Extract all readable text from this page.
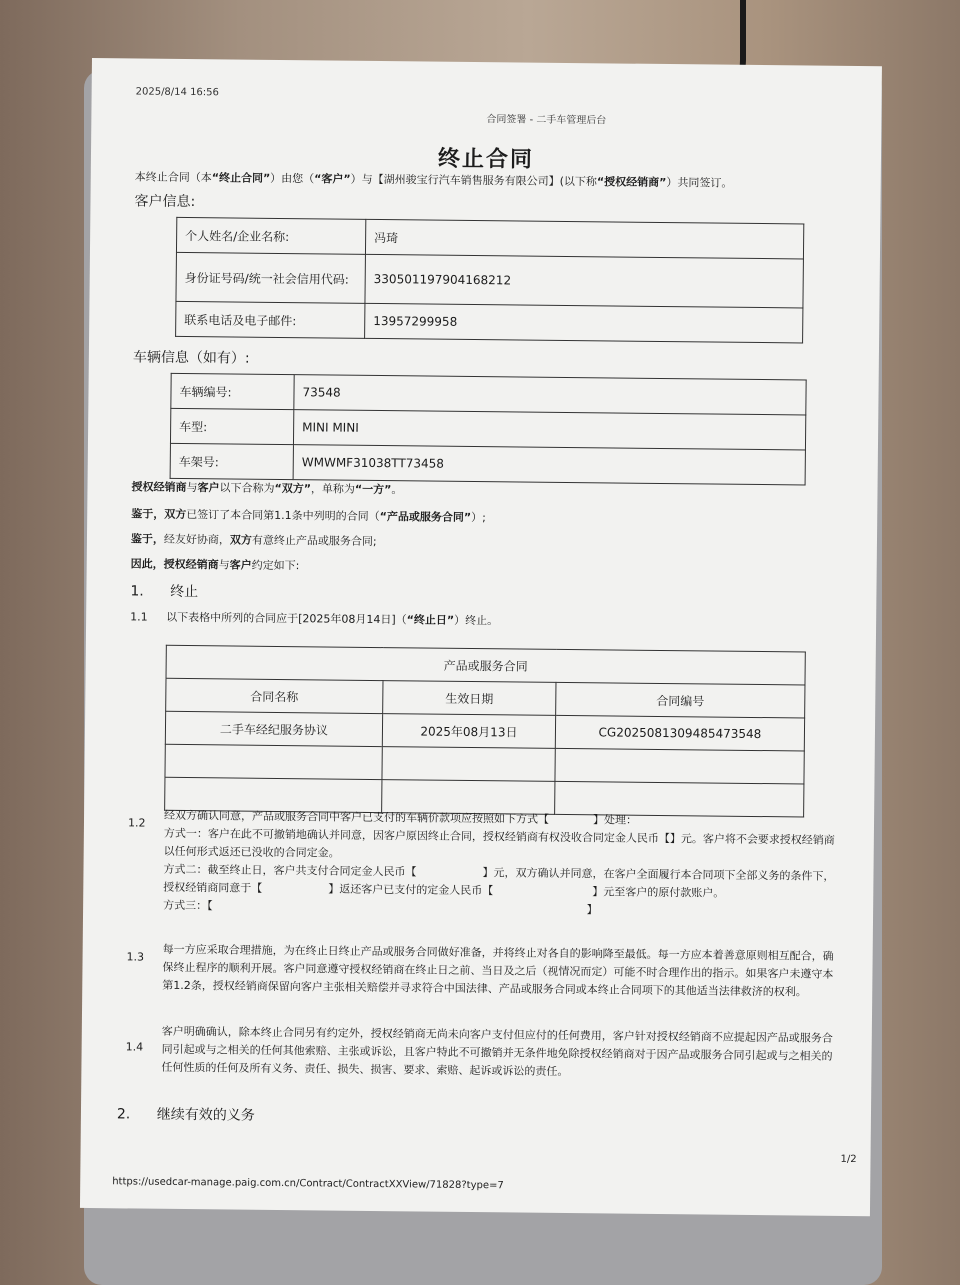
2025/8/14 16:56
合同签署 - 二手车管理后台
终止合同
本终止合同（本“终止合同”）由您（“客户”）与【湖州骏宝行汽车销售服务有限公司】(以下称“授权经销商”）共同签订。
客户信息:
个人姓名/企业名称:	冯琦
身份证号码/统一社会信用代码:	330501197904168212
联系电话及电子邮件:	13957299958
车辆信息（如有）:
车辆编号:	73548
车型:	MINI MINI
车架号:	WMWMF31038TT73458
授权经销商与客户以下合称为“双方”，单称为“一方”。
鉴于，双方已签订了本合同第1.1条中列明的合同（“产品或服务合同”）;
鉴于，经友好协商，双方有意终止产品或服务合同;
因此，授权经销商与客户约定如下:
1. 终止
1.1 以下表格中所列的合同应于[2025年08月14日]（“终止日”）终止。
产品或服务合同		
合同名称	生效日期	合同编号
二手车经纪服务协议	2025年08月13日	CG2025081309485473548

1.2 经双方确认同意，产品或服务合同中客户已支付的车辆价款项应按照如下方式【　　　　】处理：
方式一：客户在此不可撤销地确认并同意，因客户原因终止合同，授权经销商有权没收合同定金人民币【】元。客户将不会要求授权经销商以任何形式返还已没收的合同定金。
方式二：截至终止日，客户共支付合同定金人民币【　　　　　　】元，双方确认并同意，在客户全面履行本合同项下全部义务的条件下，授权经销商同意于【　　　　　　】返还客户已支付的定金人民币【　　　　　　　　　】元至客户的原付款账户。
方式三：【　　　　　　　　　　　　　　　　　　　　　　　　　　　　　　　　　　】
1.3 每一方应采取合理措施，为在终止日终止产品或服务合同做好准备，并将终止对各自的影响降至最低。每一方应本着善意原则相互配合，确保终止程序的顺利开展。客户同意遵守授权经销商在终止日之前、当日及之后（视情况而定）可能不时合理作出的指示。如果客户未遵守本第1.2条，授权经销商保留向客户主张相关赔偿并寻求符合中国法律、产品或服务合同或本终止合同项下的其他适当法律救济的权利。
1.4
客户明确确认，除本终止合同另有约定外，授权经销商无尚未向客户支付但应付的任何费用，客户针对授权经销商不应提起因产品或服务合同引起或与之相关的任何其他索赔、主张或诉讼，且客户特此不可撤销并无条件地免除授权经销商对于因产品或服务合同引起或与之相关的任何性质的任何及所有义务、责任、损失、损害、要求、索赔、起诉或诉讼的责任。
2. 继续有效的义务
1/2
https://usedcar-manage.paig.com.cn/Contract/ContractXXView/71828?type=7
